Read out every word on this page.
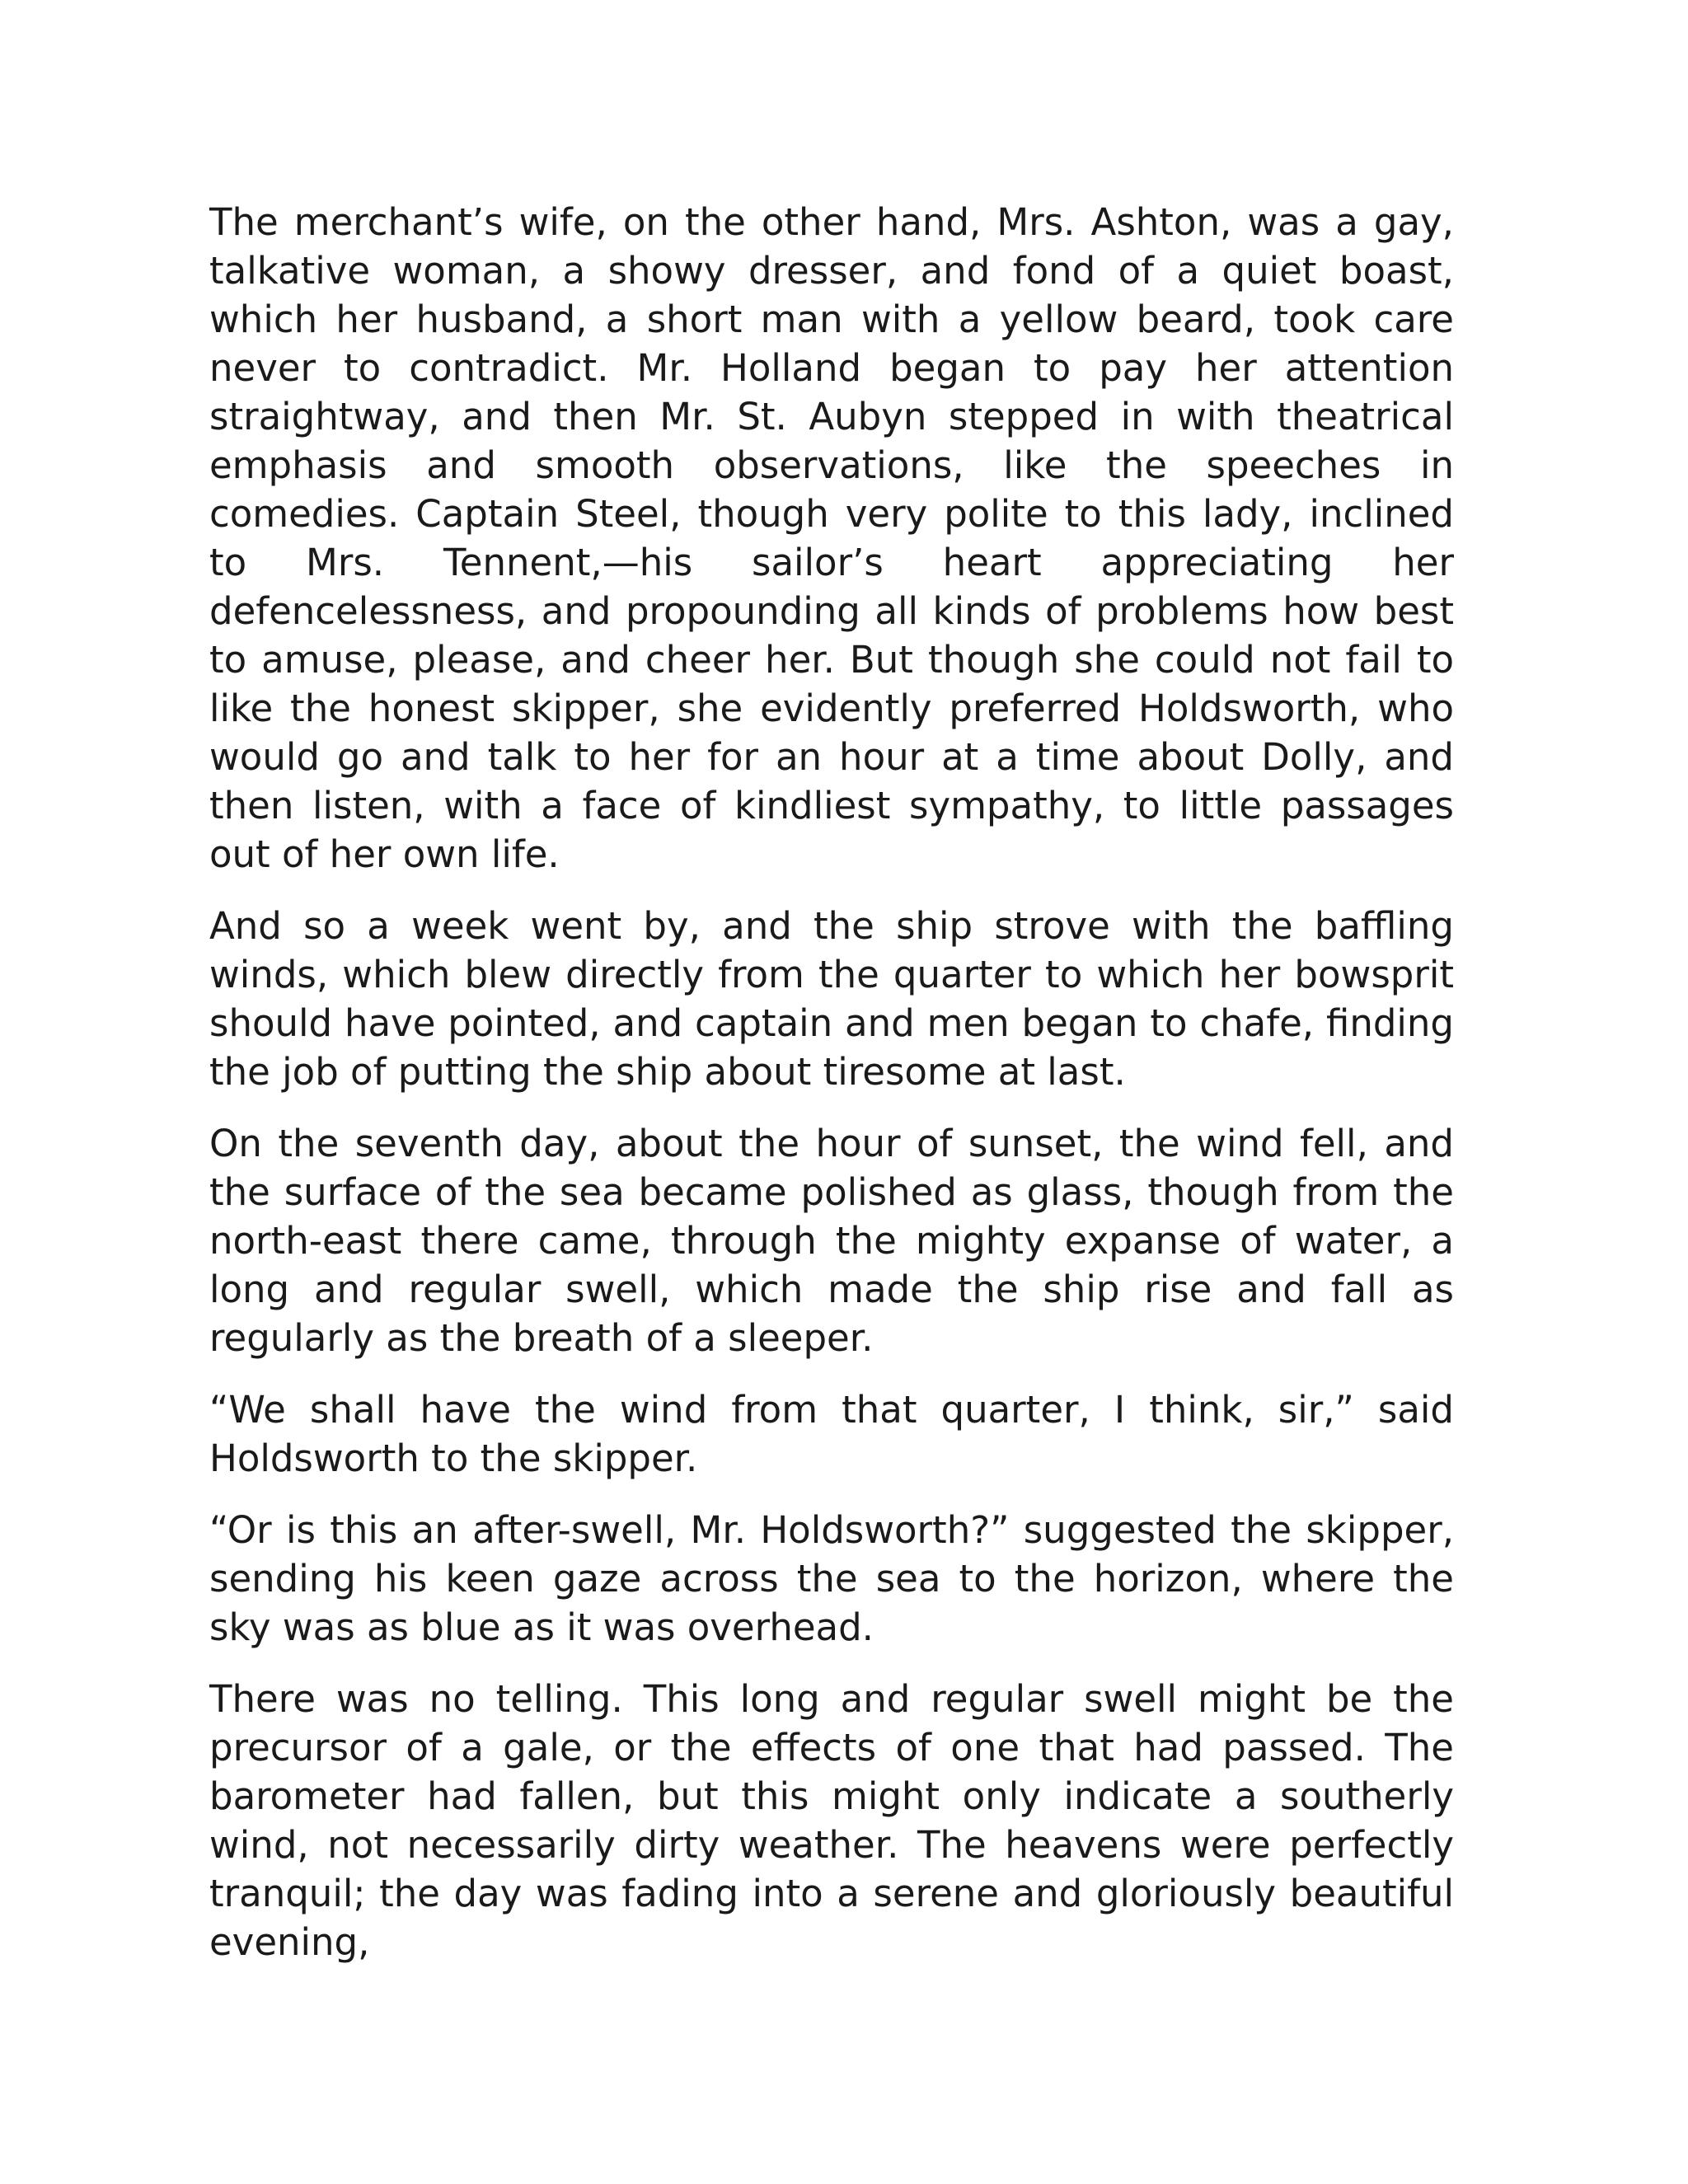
The merchant’s wife, on the other hand, Mrs. Ashton, was a gay, talkative woman, a showy dresser, and fond of a quiet boast, which her husband, a short man with a yellow beard, took care never to contradict. Mr. Holland began to pay her attention straightway, and then Mr. St. Aubyn stepped in with theatrical emphasis and smooth observations, like the speeches in comedies. Captain Steel, though very polite to this lady, inclined to Mrs. Tennent,—his sailor’s heart appreciating her defencelessness, and propounding all kinds of problems how best to amuse, please, and cheer her. But though she could not fail to like the honest skipper, she evidently preferred Holdsworth, who would go and talk to her for an hour at a time about Dolly, and then listen, with a face of kindliest sympathy, to little passages out of her own life.

And so a week went by, and the ship strove with the baffling winds, which blew directly from the quarter to which her bowsprit should have pointed, and captain and men began to chafe, finding the job of putting the ship about tiresome at last.

On the seventh day, about the hour of sunset, the wind fell, and the surface of the sea became polished as glass, though from the north-east there came, through the mighty expanse of water, a long and regular swell, which made the ship rise and fall as regularly as the breath of a sleeper.

“We shall have the wind from that quarter, I think, sir,” said Holdsworth to the skipper.

“Or is this an after-swell, Mr. Holdsworth?” suggested the skipper, sending his keen gaze across the sea to the horizon, where the sky was as blue as it was overhead.

There was no telling. This long and regular swell might be the precursor of a gale, or the effects of one that had passed. The barometer had fallen, but this might only indicate a southerly wind, not necessarily dirty weather. The heavens were perfectly tranquil; the day was fading into a serene and gloriously beautiful evening,
